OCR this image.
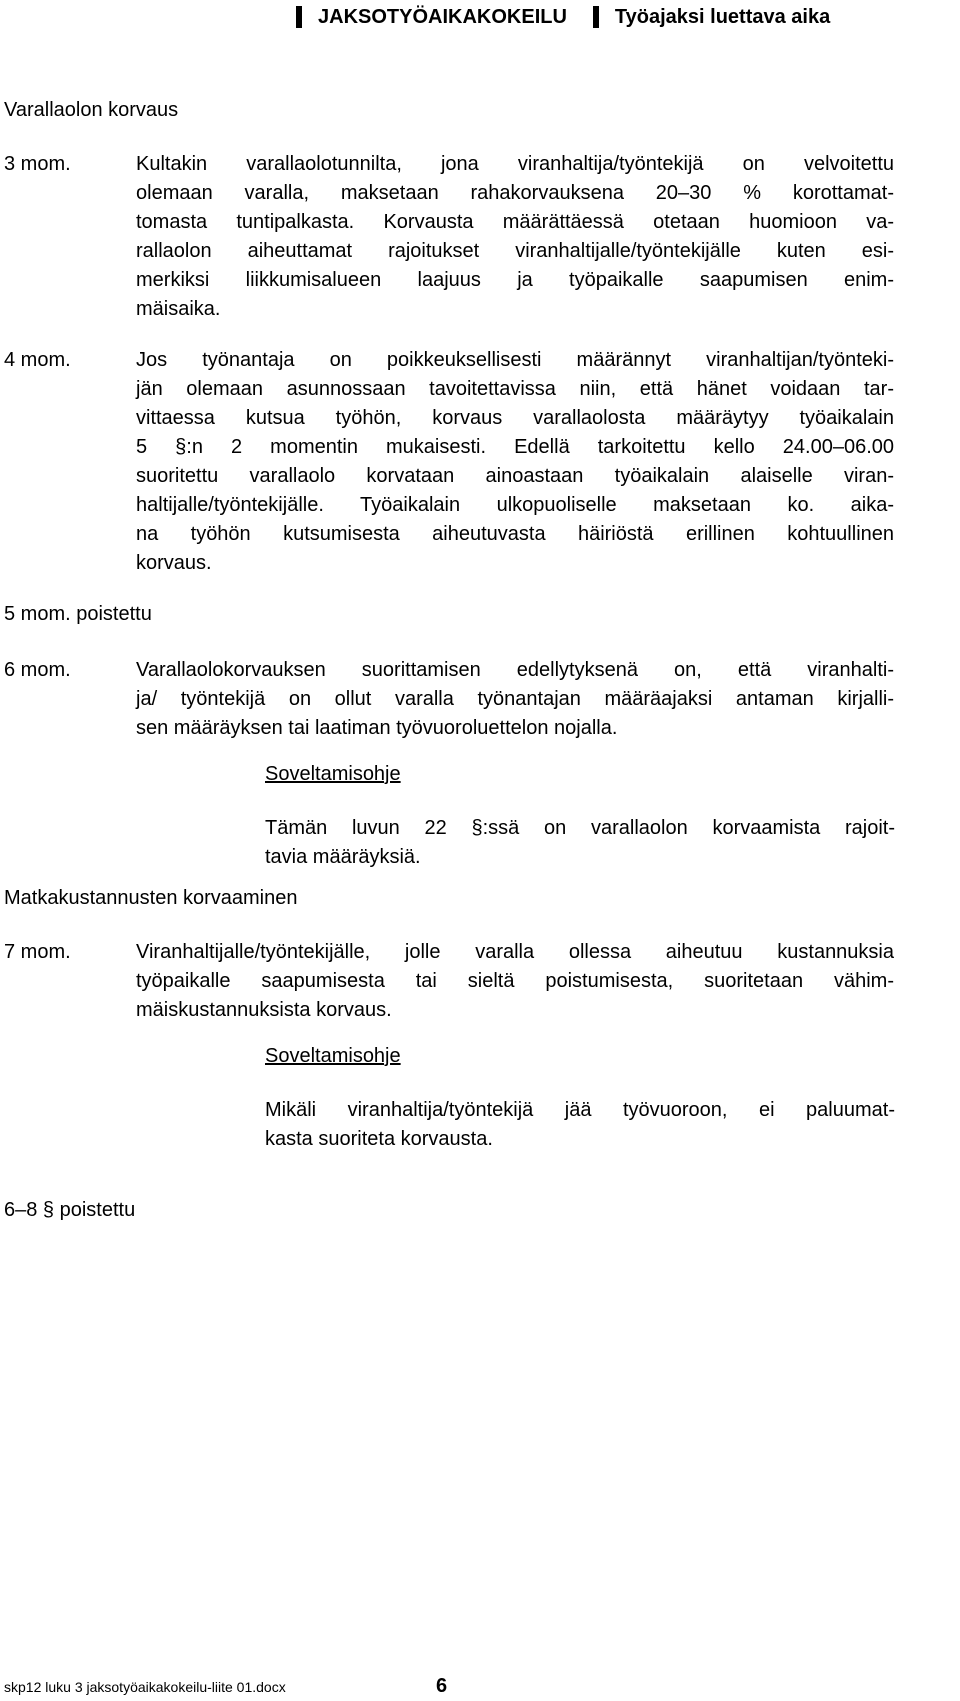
JAKSOTYÖAIKAKOKEILU Työajaksi luettava aika
Varallaolon korvaus
3 mom.	Kultakin varallaolotunnilta, jona viranhaltija/työntekijä on velvoitettu
olemaan varalla, maksetaan rahakorvauksena 20–30 % korottamat-
tomasta tuntipalkasta. Korvausta määrättäessä otetaan huomioon va-
rallaolon aiheuttamat rajoitukset viranhaltijalle/työntekijälle kuten esi-
merkiksi liikkumisalueen laajuus ja työpaikalle saapumisen enim-
mäisaika.
4 mom.	Jos työnantaja on poikkeuksellisesti määrännyt viranhaltijan/työnteki-
jän olemaan asunnossaan tavoitettavissa niin, että hänet voidaan tar-
vittaessa kutsua työhön, korvaus varallaolosta määräytyy työaikalain
5 §:n 2 momentin mukaisesti. Edellä tarkoitettu kello 24.00–06.00
suoritettu varallaolo korvataan ainoastaan työaikalain alaiselle viran-
haltijalle/työntekijälle. Työaikalain ulkopuoliselle maksetaan ko. aika-
na työhön kutsumisesta aiheutuvasta häiriöstä erillinen kohtuullinen
korvaus.
5 mom. poistettu
6 mom.	Varallaolokorvauksen suorittamisen edellytyksenä on, että viranhalti-
ja/ työntekijä on ollut varalla työnantajan määräajaksi antaman kirjalli-
sen määräyksen tai laatiman työvuoroluettelon nojalla.
Soveltamisohje
Tämän luvun 22 §:ssä on varallaolon korvaamista rajoit-
tavia määräyksiä.
Matkakustannusten korvaaminen
7 mom.	Viranhaltijalle/työntekijälle, jolle varalla ollessa aiheutuu kustannuksia
työpaikalle saapumisesta tai sieltä poistumisesta, suoritetaan vähim-
mäiskustannuksista korvaus.
Soveltamisohje
Mikäli viranhaltija/työntekijä jää työvuoroon, ei paluumat-
kasta suoriteta korvausta.
6–8 § poistettu
skp12 luku 3 jaksotyöaikakokeilu-liite 01.docx	6
